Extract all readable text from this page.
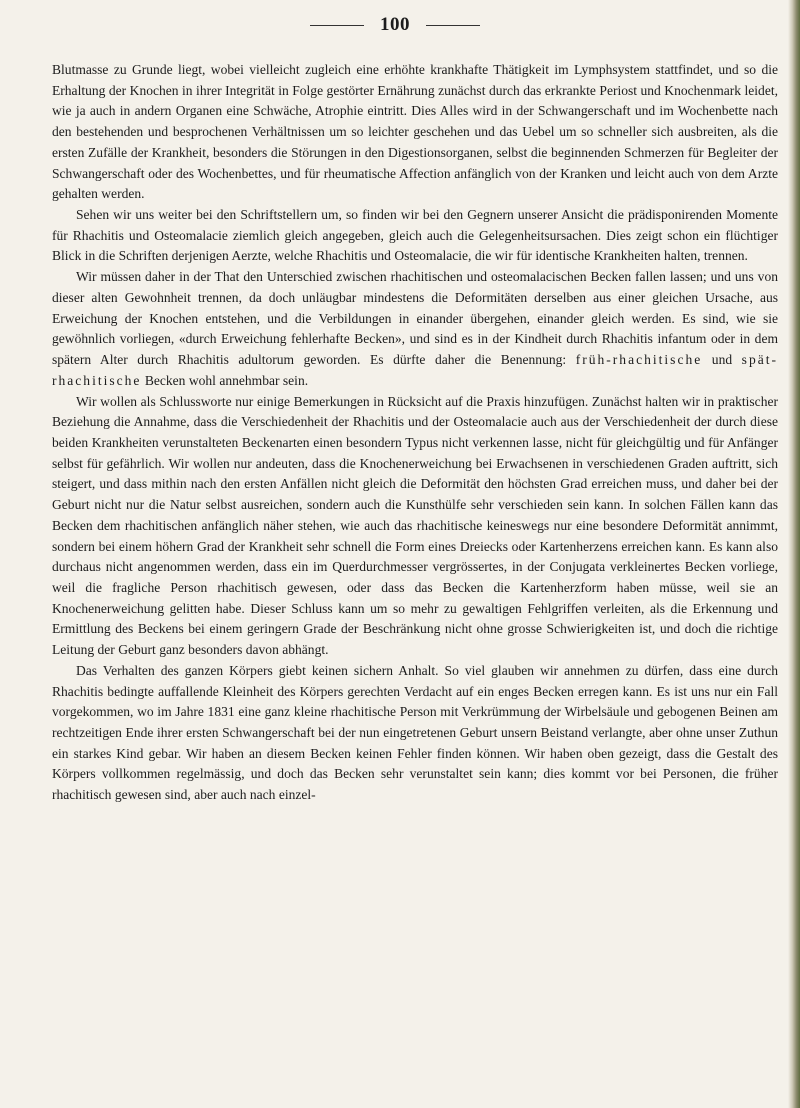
100

Blutmasse zu Grunde liegt, wobei vielleicht zugleich eine erhöhte krankhafte Thätigkeit im Lymphsystem stattfindet, und so die Erhaltung der Knochen in ihrer Integrität in Folge gestörter Ernährung zunächst durch das erkrankte Periost und Knochenmark leidet, wie ja auch in andern Organen eine Schwäche, Atrophie eintritt. Dies Alles wird in der Schwangerschaft und im Wochenbette nach den bestehenden und besprochenen Verhältnissen um so leichter geschehen und das Uebel um so schneller sich ausbreiten, als die ersten Zufälle der Krankheit, besonders die Störungen in den Digestionsorganen, selbst die beginnenden Schmerzen für Begleiter der Schwangerschaft oder des Wochenbettes, und für rheumatische Affection anfänglich von der Kranken und leicht auch von dem Arzte gehalten werden.

Sehen wir uns weiter bei den Schriftstellern um, so finden wir bei den Gegnern unserer Ansicht die prädisponirenden Momente für Rhachitis und Osteomalacie ziemlich gleich angegeben, gleich auch die Gelegenheitsursachen. Dies zeigt schon ein flüchtiger Blick in die Schriften derjenigen Aerzte, welche Rhachitis und Osteomalacie, die wir für identische Krankheiten halten, trennen.

Wir müssen daher in der That den Unterschied zwischen rhachitischen und osteomalacischen Becken fallen lassen; und uns von dieser alten Gewohnheit trennen, da doch unläugbar mindestens die Deformitäten derselben aus einer gleichen Ursache, aus Erweichung der Knochen entstehen, und die Verbildungen in einander übergehen, einander gleich werden. Es sind, wie sie gewöhnlich vorliegen, «durch Erweichung fehlerhafte Becken», und sind es in der Kindheit durch Rhachitis infantum oder in dem spätern Alter durch Rhachitis adultorum geworden. Es dürfte daher die Benennung: früh-rhachitische und spät-rhachitische Becken wohl annehmbar sein.

Wir wollen als Schlussworte nur einige Bemerkungen in Rücksicht auf die Praxis hinzufügen. Zunächst halten wir in praktischer Beziehung die Annahme, dass die Verschiedenheit der Rhachitis und der Osteomalacie auch aus der Verschiedenheit der durch diese beiden Krankheiten verunstalteten Beckenarten einen besondern Typus nicht verkennen lasse, nicht für gleichgültig und für Anfänger selbst für gefährlich. Wir wollen nur andeuten, dass die Knochenerweichung bei Erwachsenen in verschiedenen Graden auftritt, sich steigert, und dass mithin nach den ersten Anfällen nicht gleich die Deformität den höchsten Grad erreichen muss, und daher bei der Geburt nicht nur die Natur selbst ausreichen, sondern auch die Kunsthülfe sehr verschieden sein kann. In solchen Fällen kann das Becken dem rhachitischen anfänglich näher stehen, wie auch das rhachitische keineswegs nur eine besondere Deformität annimmt, sondern bei einem höhern Grad der Krankheit sehr schnell die Form eines Dreiecks oder Kartenherzens erreichen kann. Es kann also durchaus nicht angenommen werden, dass ein im Querdurchmesser vergrössertes, in der Conjugata verkleinertes Becken vorliege, weil die fragliche Person rhachitisch gewesen, oder dass das Becken die Kartenherzform haben müsse, weil sie an Knochenerweichung gelitten habe. Dieser Schluss kann um so mehr zu gewaltigen Fehlgriffen verleiten, als die Erkennung und Ermittlung des Beckens bei einem geringern Grade der Beschränkung nicht ohne grosse Schwierigkeiten ist, und doch die richtige Leitung der Geburt ganz besonders davon abhängt.

Das Verhalten des ganzen Körpers giebt keinen sichern Anhalt. So viel glauben wir annehmen zu dürfen, dass eine durch Rhachitis bedingte auffallende Kleinheit des Körpers gerechten Verdacht auf ein enges Becken erregen kann. Es ist uns nur ein Fall vorgekommen, wo im Jahre 1831 eine ganz kleine rhachitische Person mit Verkrümmung der Wirbelsäule und gebogenen Beinen am rechtzeitigen Ende ihrer ersten Schwangerschaft bei der nun eingetretenen Geburt unsern Beistand verlangte, aber ohne unser Zuthun ein starkes Kind gebar. Wir haben an diesem Becken keinen Fehler finden können. Wir haben oben gezeigt, dass die Gestalt des Körpers vollkommen regelmässig, und doch das Becken sehr verunstaltet sein kann; dies kommt vor bei Personen, die früher rhachitisch gewesen sind, aber auch nach einzel-
